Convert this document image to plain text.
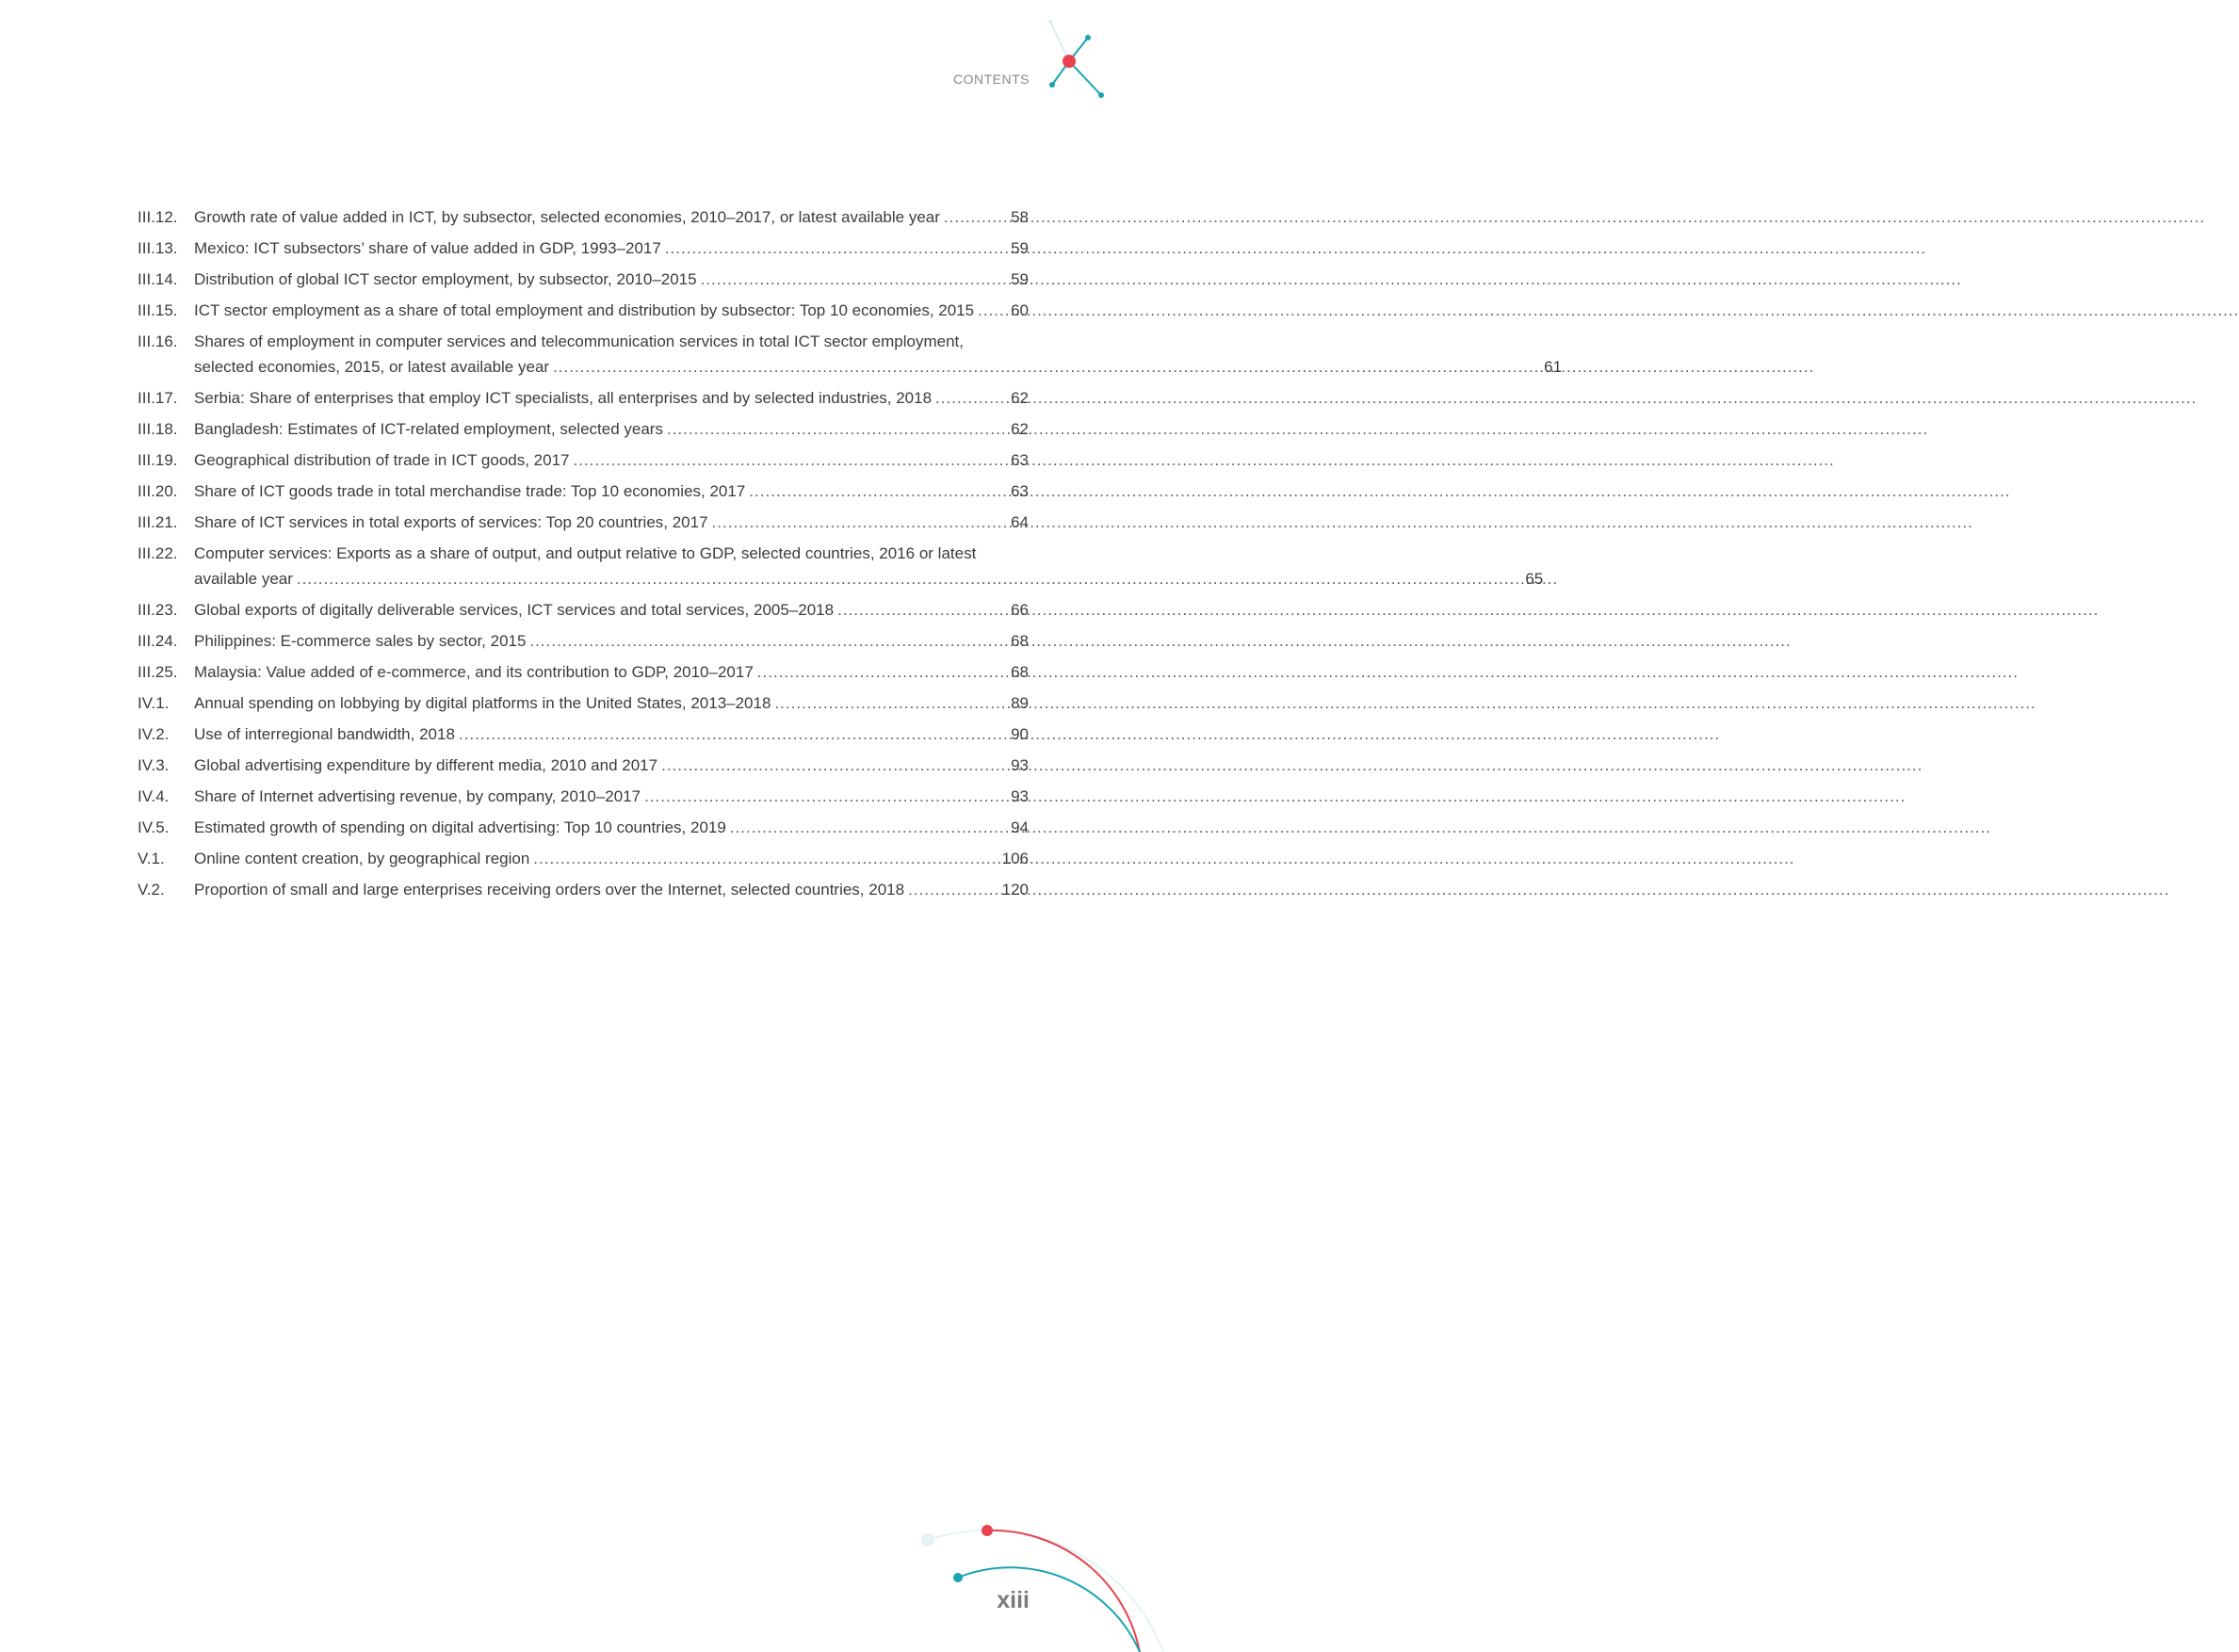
CONTENTS
III.12.	Growth rate of value added in ICT, by subsector, selected economies, 2010–2017, or latest available year .....	58
III.13.	Mexico: ICT subsectors’ share of value added in GDP, 1993–2017 .....	59
III.14.	Distribution of global ICT sector employment, by subsector, 2010–2015 .....	59
III.15.	ICT sector employment as a share of total employment and distribution by subsector: Top 10 economies, 2015 ..... 60
III.16.	Shares of employment in computer services and telecommunication services in total ICT sector employment,
selected economies, 2015, or latest available year .....	61
III.17.	Serbia: Share of enterprises that employ ICT specialists, all enterprises and by selected industries, 2018 .....	62
III.18.	Bangladesh: Estimates of ICT-related employment, selected years .....	62
III.19.	Geographical distribution of trade in ICT goods, 2017 .....	63
III.20.	Share of ICT goods trade in total merchandise trade: Top 10 economies, 2017 .....	63
III.21.	Share of ICT services in total exports of services: Top 20 countries, 2017 .....	64
III.22.	Computer services: Exports as a share of output, and output relative to GDP, selected countries, 2016 or latest
available year .....	65
III.23.	Global exports of digitally deliverable services, ICT services and total services, 2005–2018 .....	66
III.24.	Philippines: E-commerce sales by sector, 2015 .....	68
III.25.	Malaysia: Value added of e-commerce, and its contribution to GDP, 2010–2017 .....	68
IV.1.	Annual spending on lobbying by digital platforms in the United States, 2013–2018 .....	89
IV.2.	Use of interregional bandwidth, 2018 .....	90
IV.3.	Global advertising expenditure by different media, 2010 and 2017 .....	93
IV.4.	Share of Internet advertising revenue, by company, 2010–2017 .....	93
IV.5.	Estimated growth of spending on digital advertising: Top 10 countries, 2019 .....	94
V.1.	Online content creation, by geographical region .....	106
V.2.	Proportion of small and large enterprises receiving orders over the Internet, selected countries, 2018 .....	120
xiii
